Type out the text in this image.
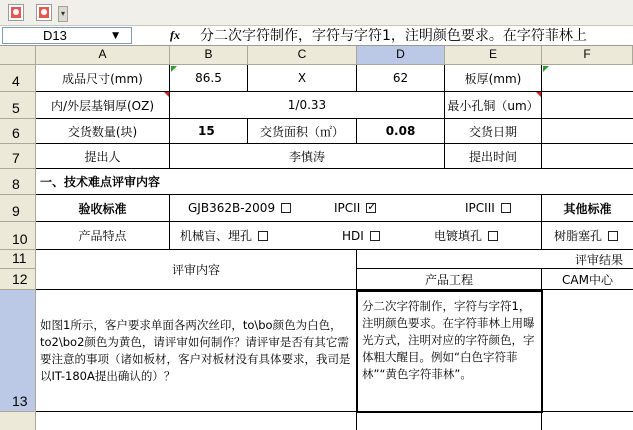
▾
D13	▼	fx 分二次字符制作，字符与字符1，注明颜色要求。在字符菲林上
A	B	C	D	E	F
4
5
6
7
8
9
10
11
12
13
成品尺寸(mm)	86.5	X	62	板厚(mm)
内/外层基铜厚(OZ)	1/0.33	最小孔铜（um）
交货数量(块)	15	交货面积（㎡）	0.08	交货日期
提出人	李慎涛	提出时间
一、技术难点评审内容
验收标准	GJB362B-2009	IPCII
✓	IPCIII	其他标准
产品特点	机械盲、埋孔	HDI	电镀填孔	树脂塞孔
评审内容
评审结果
产品工程	CAM中心
如图1所示，客户要求单面各两次丝印，to\bo颜色为白色，to2\bo2颜色为黄色，请评审如何制作？请评审是否有其它需要注意的事项（诸如板材，客户对板材没有具体要求，我司是以IT-180A提出确认的）？
分二次字符制作，字符与字符1，注明颜色要求。在字符菲林上用曝光方式，注明对应的字符颜色，字体粗大醒目。例如“白色字符菲林”“黄色字符菲林”。
